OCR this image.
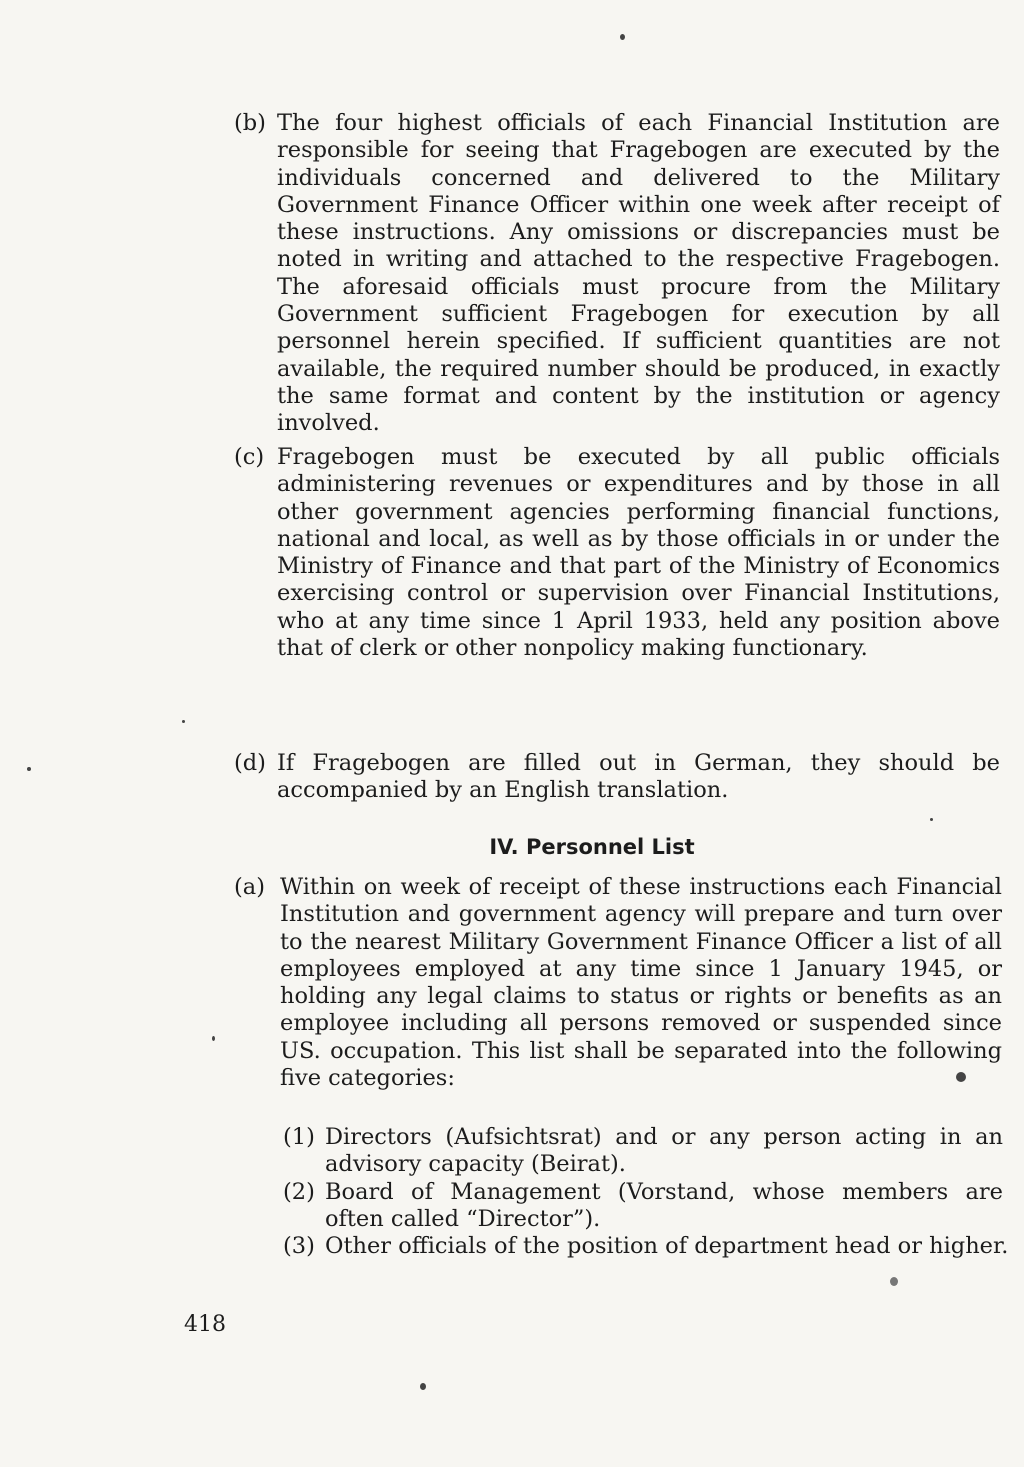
(b) The four highest officials of each Financial Institution are responsible for seeing that Fragebogen are executed by the individuals concerned and delivered to the Military Government Finance Officer within one week after receipt of these instructions. Any omissions or discrepancies must be noted in writing and attached to the respective Fragebogen. The aforesaid officials must procure from the Military Government sufficient Fragebogen for execution by all personnel herein specified. If sufficient quantities are not available, the required number should be produced, in exactly the same format and content by the institution or agency involved.
(c) Fragebogen must be executed by all public officials administering revenues or expenditures and by those in all other government agencies performing financial functions, national and local, as well as by those officials in or under the Ministry of Finance and that part of the Ministry of Economics exercising control or supervision over Financial Institutions, who at any time since 1 April 1933, held any position above that of clerk or other nonpolicy making functionary.
(d) If Fragebogen are filled out in German, they should be accompanied by an English translation.
IV. Personnel List
(a) Within on week of receipt of these instructions each Financial Institution and government agency will prepare and turn over to the nearest Military Government Finance Officer a list of all employees employed at any time since 1 January 1945, or holding any legal claims to status or rights or benefits as an employee including all persons removed or suspended since US. occupation. This list shall be separated into the following five categories:
(1) Directors (Aufsichtsrat) and or any person acting in an advisory capacity (Beirat).
(2) Board of Management (Vorstand, whose members are often called “Director”).
(3) Other officials of the position of department head or higher.
418
